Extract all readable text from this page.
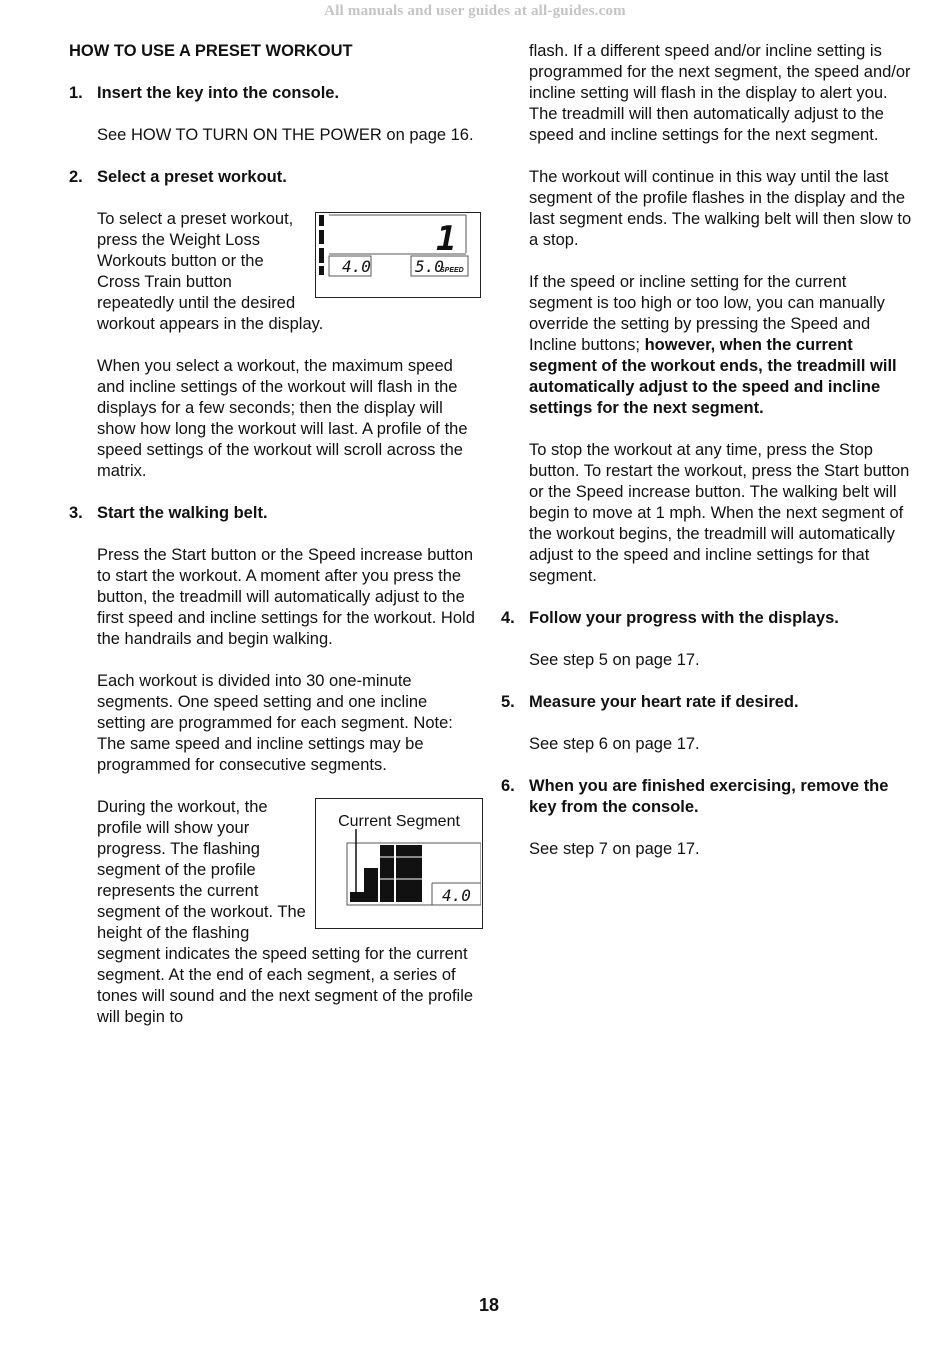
All manuals and user guides at all-guides.com
HOW TO USE A PRESET WORKOUT
1. Insert the key into the console.

See HOW TO TURN ON THE POWER on page 16.

2. Select a preset workout.
1
4.0	5.0
SPEED
To select a preset workout, press the Weight Loss Workouts button or the Cross Train button repeatedly until the desired workout appears in the display.

When you select a workout, the maximum speed and incline settings of the workout will flash in the displays for a few seconds; then the display will show how long the workout will last. A profile of the speed settings of the workout will scroll across the matrix.

3. Start the walking belt.

Press the Start button or the Speed increase button to start the workout. A moment after you press the button, the treadmill will automatically adjust to the first speed and incline settings for the workout. Hold the handrails and begin walking.

Each workout is divided into 30 one-minute segments. One speed setting and one incline setting are programmed for each segment. Note: The same speed and incline settings may be programmed for consecutive segments.

Current Segment
4.0
During the workout, the profile will show your progress. The flashing segment of the profile represents the current segment of the workout. The height of the flashing segment indicates the speed setting for the current segment. At the end of each segment, a series of tones will sound and the next segment of the profile will begin to

flash. If a different speed and/or incline setting is programmed for the next segment, the speed and/or incline setting will flash in the display to alert you. The treadmill will then automatically adjust to the speed and incline settings for the next segment.

The workout will continue in this way until the last segment of the profile flashes in the display and the last segment ends. The walking belt will then slow to a stop.

If the speed or incline setting for the current segment is too high or too low, you can manually override the setting by pressing the Speed and Incline buttons; however, when the current segment of the workout ends, the treadmill will automatically adjust to the speed and incline settings for the next segment.

To stop the workout at any time, press the Stop button. To restart the workout, press the Start button or the Speed increase button. The walking belt will begin to move at 1 mph. When the next segment of the workout begins, the treadmill will automatically adjust to the speed and incline settings for that segment.

4. Follow your progress with the displays.

See step 5 on page 17.

5. Measure your heart rate if desired.

See step 6 on page 17.

6. When you are finished exercising, remove the key from the console.

See step 7 on page 17.

18
